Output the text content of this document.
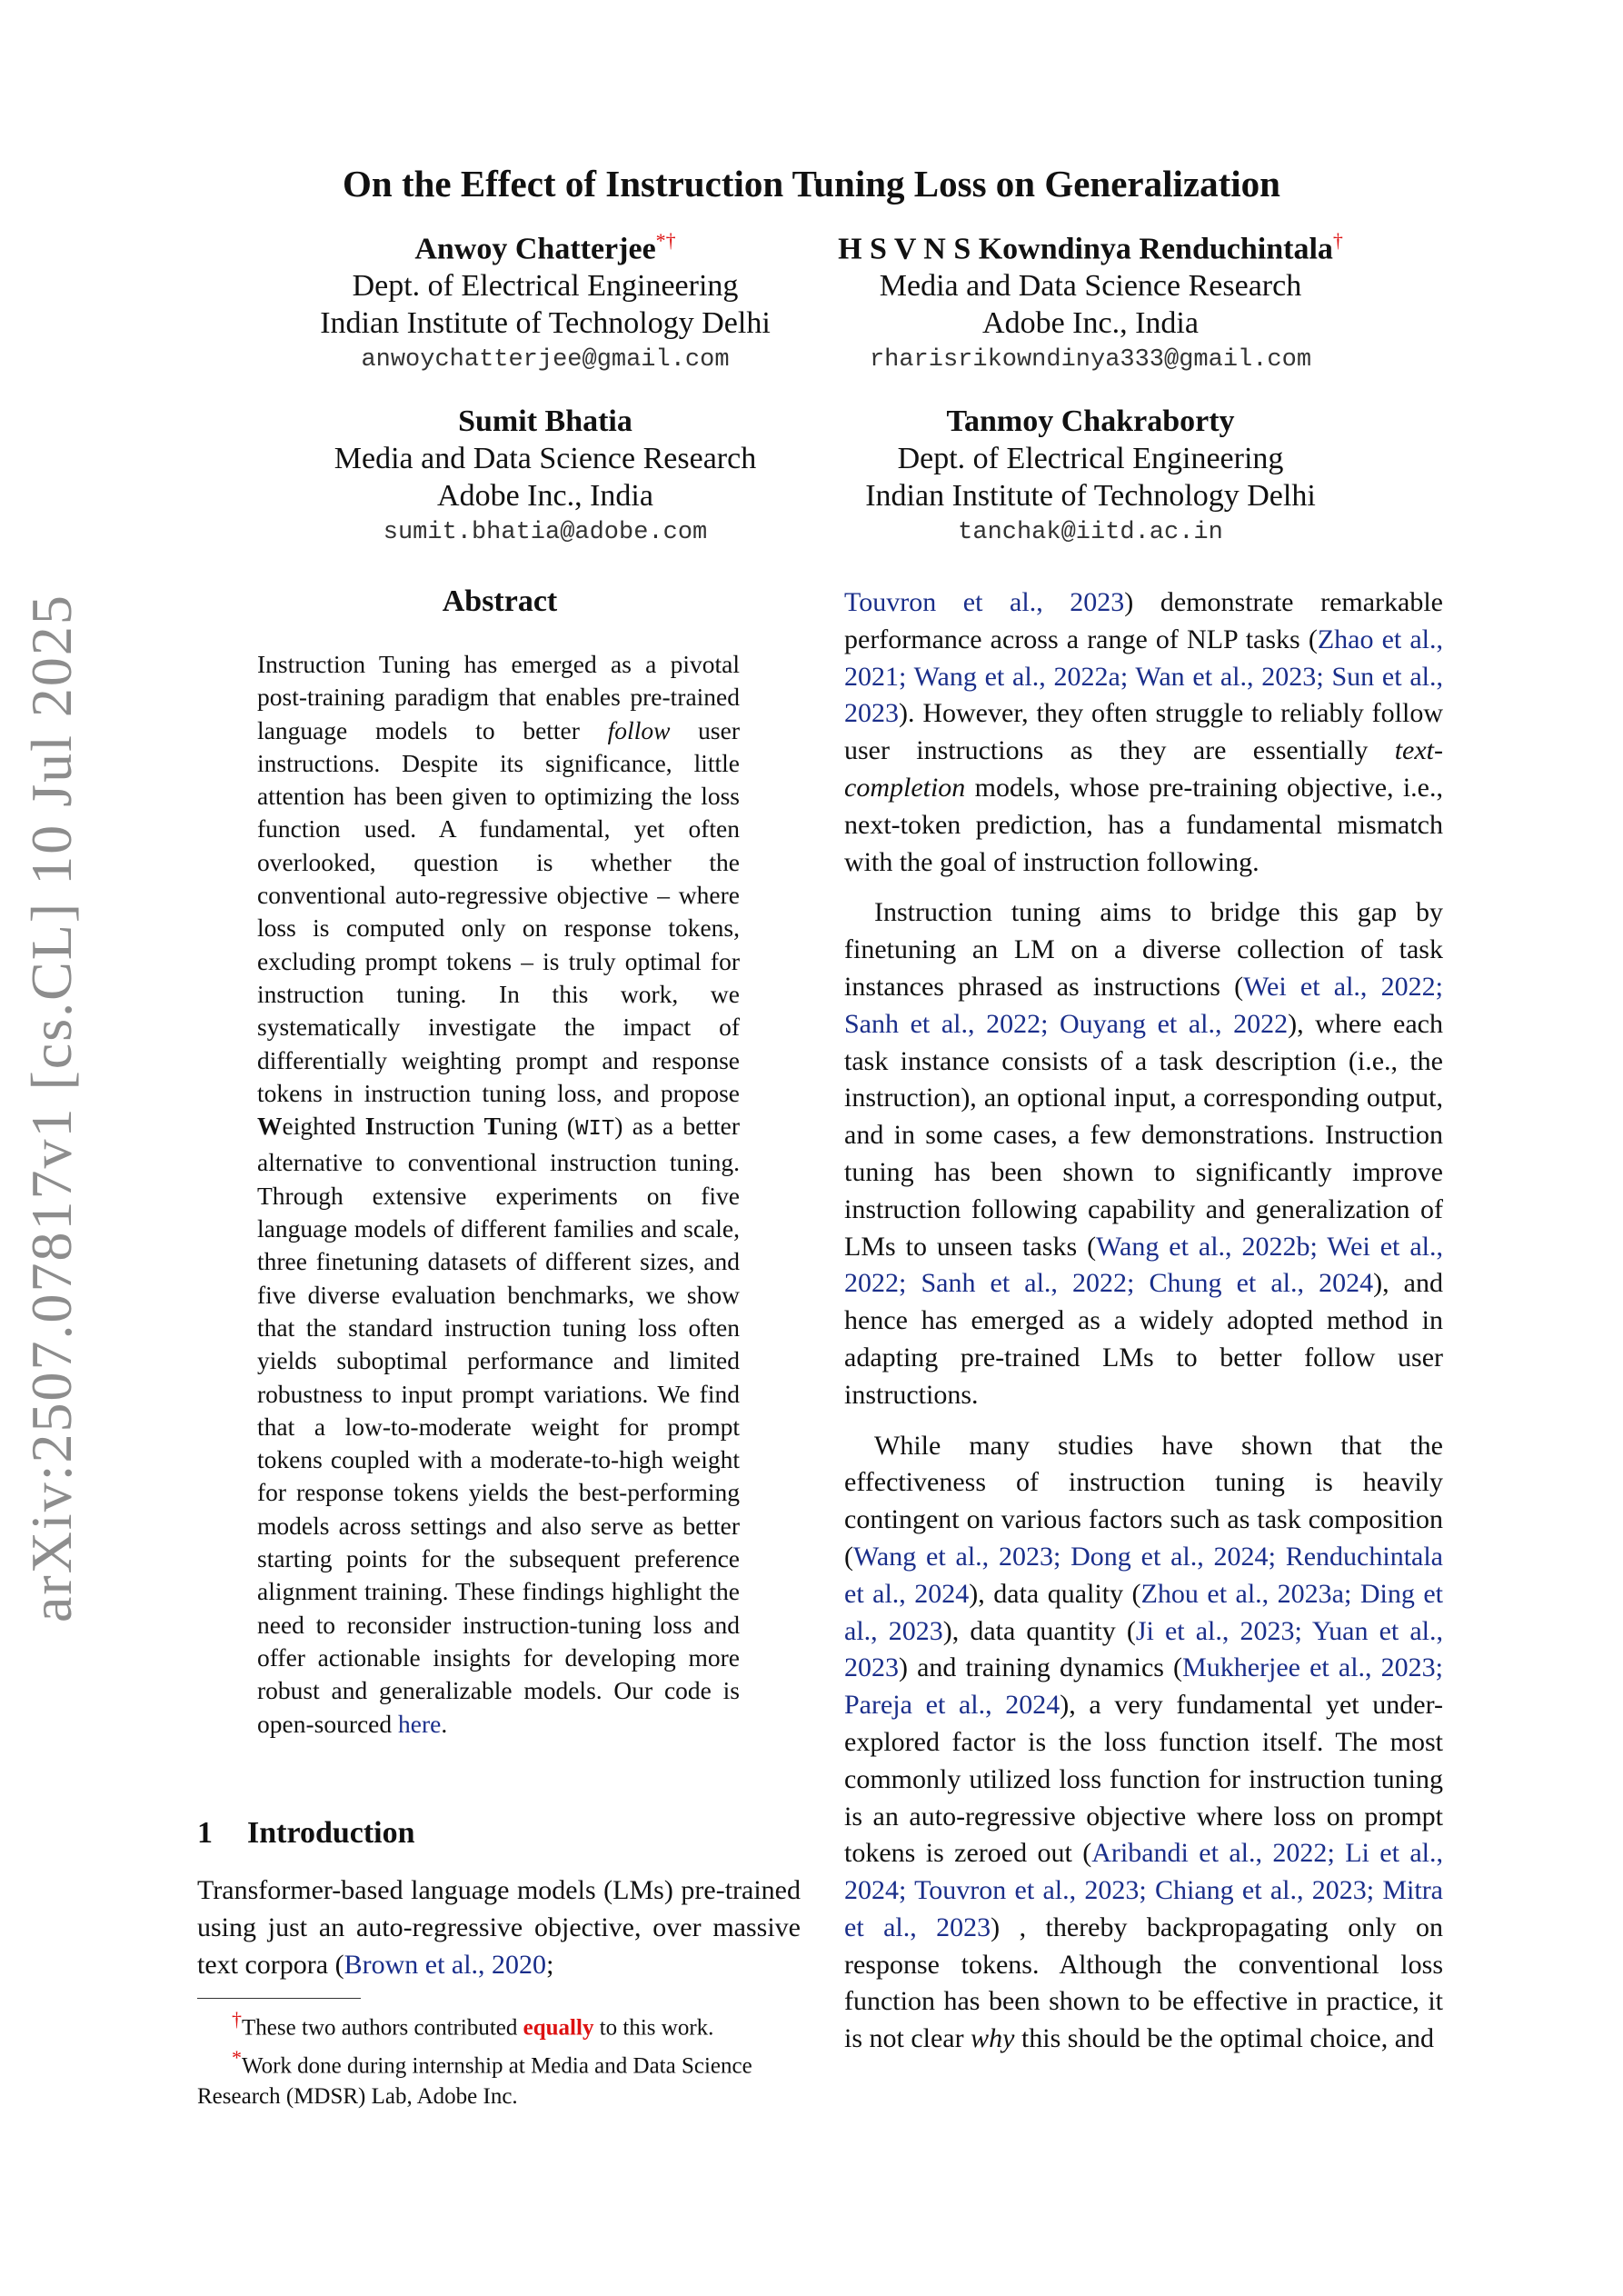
arXiv:2507.07817v1 [cs.CL] 10 Jul 2025
On the Effect of Instruction Tuning Loss on Generalization
Anwoy Chatterjee*†
Dept. of Electrical Engineering
Indian Institute of Technology Delhi
anwoychatterjee@gmail.com
H S V N S Kowndinya Renduchintala†
Media and Data Science Research
Adobe Inc., India
rharisrikowndinya333@gmail.com
Sumit Bhatia
Media and Data Science Research
Adobe Inc., India
sumit.bhatia@adobe.com
Tanmoy Chakraborty
Dept. of Electrical Engineering
Indian Institute of Technology Delhi
tanchak@iitd.ac.in
Abstract

Instruction Tuning has emerged as a pivotal post-training paradigm that enables pre-trained language models to better follow user instructions. Despite its significance, little attention has been given to optimizing the loss function used. A fundamental, yet often overlooked, question is whether the conventional auto-regressive objective – where loss is computed only on response tokens, excluding prompt tokens – is truly optimal for instruction tuning. In this work, we systematically investigate the impact of differentially weighting prompt and response tokens in instruction tuning loss, and propose Weighted Instruction Tuning (WIT) as a better alternative to conventional instruction tuning. Through extensive experiments on five language models of different families and scale, three finetuning datasets of different sizes, and five diverse evaluation benchmarks, we show that the standard instruction tuning loss often yields suboptimal performance and limited robustness to input prompt variations. We find that a low-to-moderate weight for prompt tokens coupled with a moderate-to-high weight for response tokens yields the best-performing models across settings and also serve as better starting points for the subsequent preference alignment training. These findings highlight the need to reconsider instruction-tuning loss and offer actionable insights for developing more robust and generalizable models. Our code is open-sourced here.

1 Introduction

Transformer-based language models (LMs) pre-trained using just an auto-regressive objective, over massive text corpora (Brown et al., 2020;

†These two authors contributed equally to this work.

*Work done during internship at Media and Data Science Research (MDSR) Lab, Adobe Inc.

Touvron et al., 2023) demonstrate remarkable performance across a range of NLP tasks (Zhao et al., 2021; Wang et al., 2022a; Wan et al., 2023; Sun et al., 2023). However, they often struggle to reliably follow user instructions as they are essentially text-completion models, whose pre-training objective, i.e., next-token prediction, has a fundamental mismatch with the goal of instruction following.

Instruction tuning aims to bridge this gap by finetuning an LM on a diverse collection of task instances phrased as instructions (Wei et al., 2022; Sanh et al., 2022; Ouyang et al., 2022), where each task instance consists of a task description (i.e., the instruction), an optional input, a corresponding output, and in some cases, a few demonstrations. Instruction tuning has been shown to significantly improve instruction following capability and generalization of LMs to unseen tasks (Wang et al., 2022b; Wei et al., 2022; Sanh et al., 2022; Chung et al., 2024), and hence has emerged as a widely adopted method in adapting pre-trained LMs to better follow user instructions.

While many studies have shown that the effectiveness of instruction tuning is heavily contingent on various factors such as task composition (Wang et al., 2023; Dong et al., 2024; Renduchintala et al., 2024), data quality (Zhou et al., 2023a; Ding et al., 2023), data quantity (Ji et al., 2023; Yuan et al., 2023) and training dynamics (Mukherjee et al., 2023; Pareja et al., 2024), a very fundamental yet under-explored factor is the loss function itself. The most commonly utilized loss function for instruction tuning is an auto-regressive objective where loss on prompt tokens is zeroed out (Aribandi et al., 2022; Li et al., 2024; Touvron et al., 2023; Chiang et al., 2023; Mitra et al., 2023) , thereby backpropagating only on response tokens. Although the conventional loss function has been shown to be effective in practice, it is not clear why this should be the optimal choice, and
